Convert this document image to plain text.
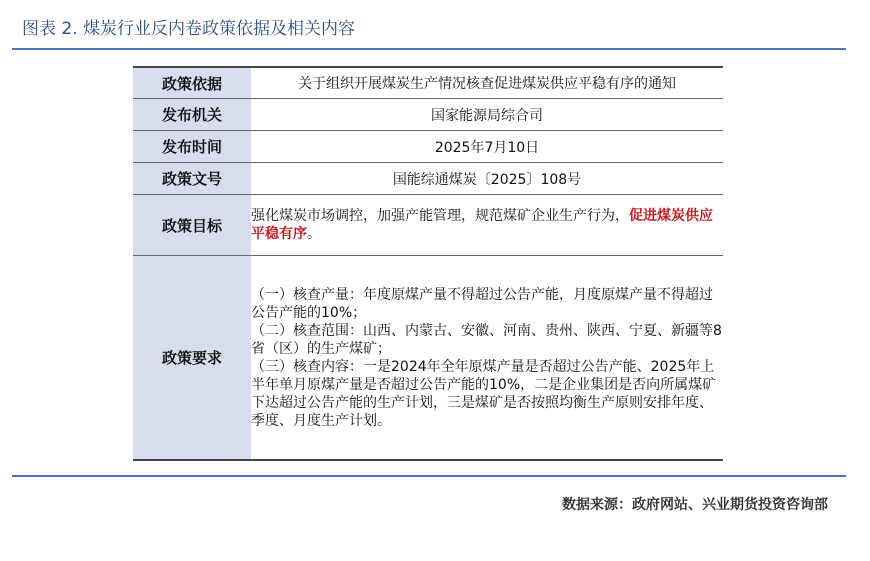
图表 2. 煤炭行业反内卷政策依据及相关内容
政策依据	关于组织开展煤炭生产情况核查促进煤炭供应平稳有序的通知
发布机关	国家能源局综合司
发布时间	2025年7月10日
政策文号	国能综通煤炭〔2025〕108号
政策目标	强化煤炭市场调控，加强产能管理，规范煤矿企业生产行为，促进煤炭供应平稳有序。
政策要求	（一）核查产量：年度原煤产量不得超过公告产能，月度原煤产量不得超过公告产能的10%；
（二）核查范围：山西、内蒙古、安徽、河南、贵州、陕西、宁夏、新疆等8省（区）的生产煤矿；
（三）核查内容：一是2024年全年原煤产量是否超过公告产能、2025年上半年单月原煤产量是否超过公告产能的10%，二是企业集团是否向所属煤矿下达超过公告产能的生产计划，三是煤矿是否按照均衡生产原则安排年度、季度、月度生产计划。
数据来源：政府网站、兴业期货投资咨询部
